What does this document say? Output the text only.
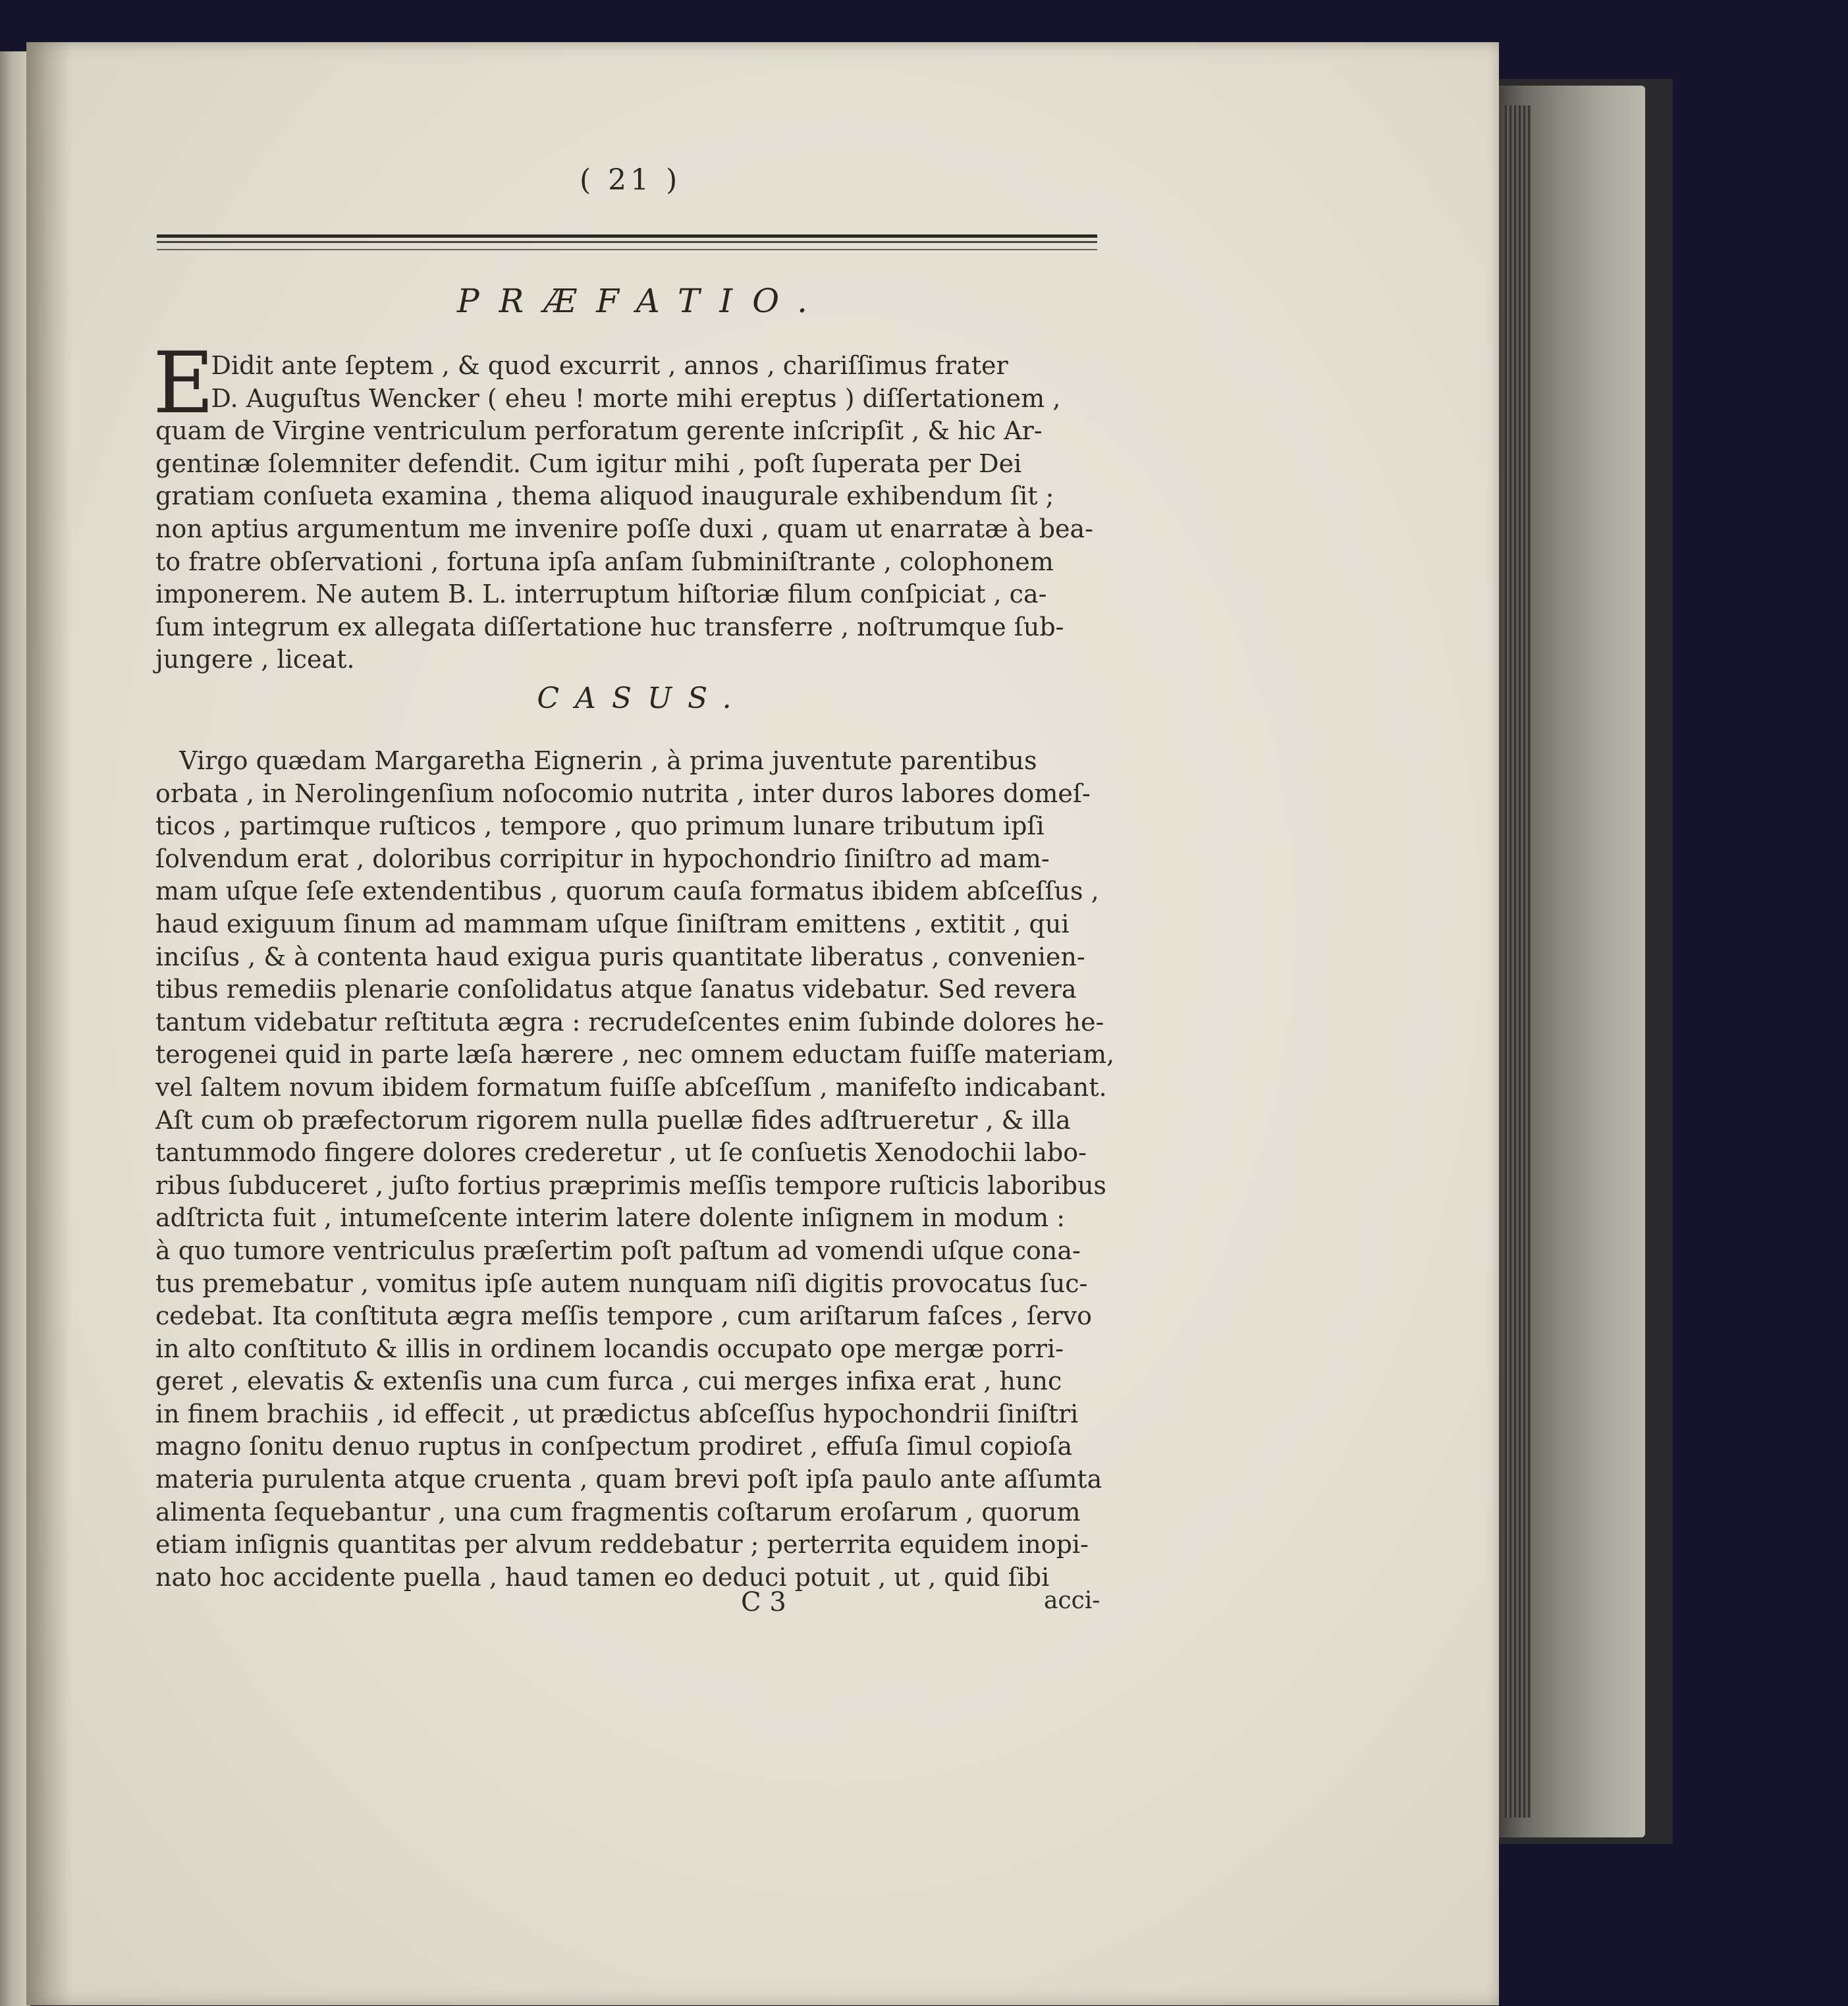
( 21 )
PRÆFATIO.
E
Didit ante ſeptem , & quod excurrit , annos , chariſſimus frater
D. Auguſtus Wencker ( eheu ! morte mihi ereptus ) diſſertationem ,
quam de Virgine ventriculum perforatum gerente inſcripſit , & hic Ar-
gentinæ ſolemniter defendit. Cum igitur mihi , poſt ſuperata per Dei
gratiam conſueta examina , thema aliquod inaugurale exhibendum ſit ;
non aptius argumentum me invenire poſſe duxi , quam ut enarratæ à bea-
to fratre obſervationi , fortuna ipſa anſam ſubminiſtrante , colophonem
imponerem. Ne autem B. L. interruptum hiſtoriæ filum conſpiciat , ca-
ſum integrum ex allegata diſſertatione huc transferre , noſtrumque ſub-
jungere , liceat.
CASUS.
Virgo quædam Margaretha Eignerin , à prima juventute parentibus
orbata , in Nerolingenſium noſocomio nutrita , inter duros labores domeſ-
ticos , partimque ruſticos , tempore , quo primum lunare tributum ipſi
ſolvendum erat , doloribus corripitur in hypochondrio ſiniſtro ad mam-
mam uſque ſeſe extendentibus , quorum cauſa formatus ibidem abſceſſus ,
haud exiguum ſinum ad mammam uſque ſiniſtram emittens , extitit , qui
inciſus , & à contenta haud exigua puris quantitate liberatus , convenien-
tibus remediis plenarie conſolidatus atque ſanatus videbatur. Sed revera
tantum videbatur reſtituta ægra : recrudeſcentes enim ſubinde dolores he-
terogenei quid in parte læſa hærere , nec omnem eductam fuiſſe materiam,
vel ſaltem novum ibidem formatum fuiſſe abſceſſum , manifeſto indicabant.
Aſt cum ob præfectorum rigorem nulla puellæ fides adſtrueretur , & illa
tantummodo fingere dolores crederetur , ut ſe conſuetis Xenodochii labo-
ribus ſubduceret , juſto fortius præprimis meſſis tempore ruſticis laboribus
adſtricta fuit , intumeſcente interim latere dolente inſignem in modum :
à quo tumore ventriculus præſertim poſt paſtum ad vomendi uſque cona-
tus premebatur , vomitus ipſe autem nunquam niſi digitis provocatus ſuc-
cedebat. Ita conſtituta ægra meſſis tempore , cum ariſtarum faſces , ſervo
in alto conſtituto & illis in ordinem locandis occupato ope mergæ porri-
geret , elevatis & extenſis una cum furca , cui merges infixa erat , hunc
in finem brachiis , id effecit , ut prædictus abſceſſus hypochondrii ſiniſtri
magno ſonitu denuo ruptus in conſpectum prodiret , effuſa ſimul copioſa
materia purulenta atque cruenta , quam brevi poſt ipſa paulo ante aſſumta
alimenta ſequebantur , una cum fragmentis coſtarum eroſarum , quorum
etiam inſignis quantitas per alvum reddebatur ; perterrita equidem inopi-
nato hoc accidente puella , haud tamen eo deduci potuit , ut , quid ſibi
C 3	acci-
